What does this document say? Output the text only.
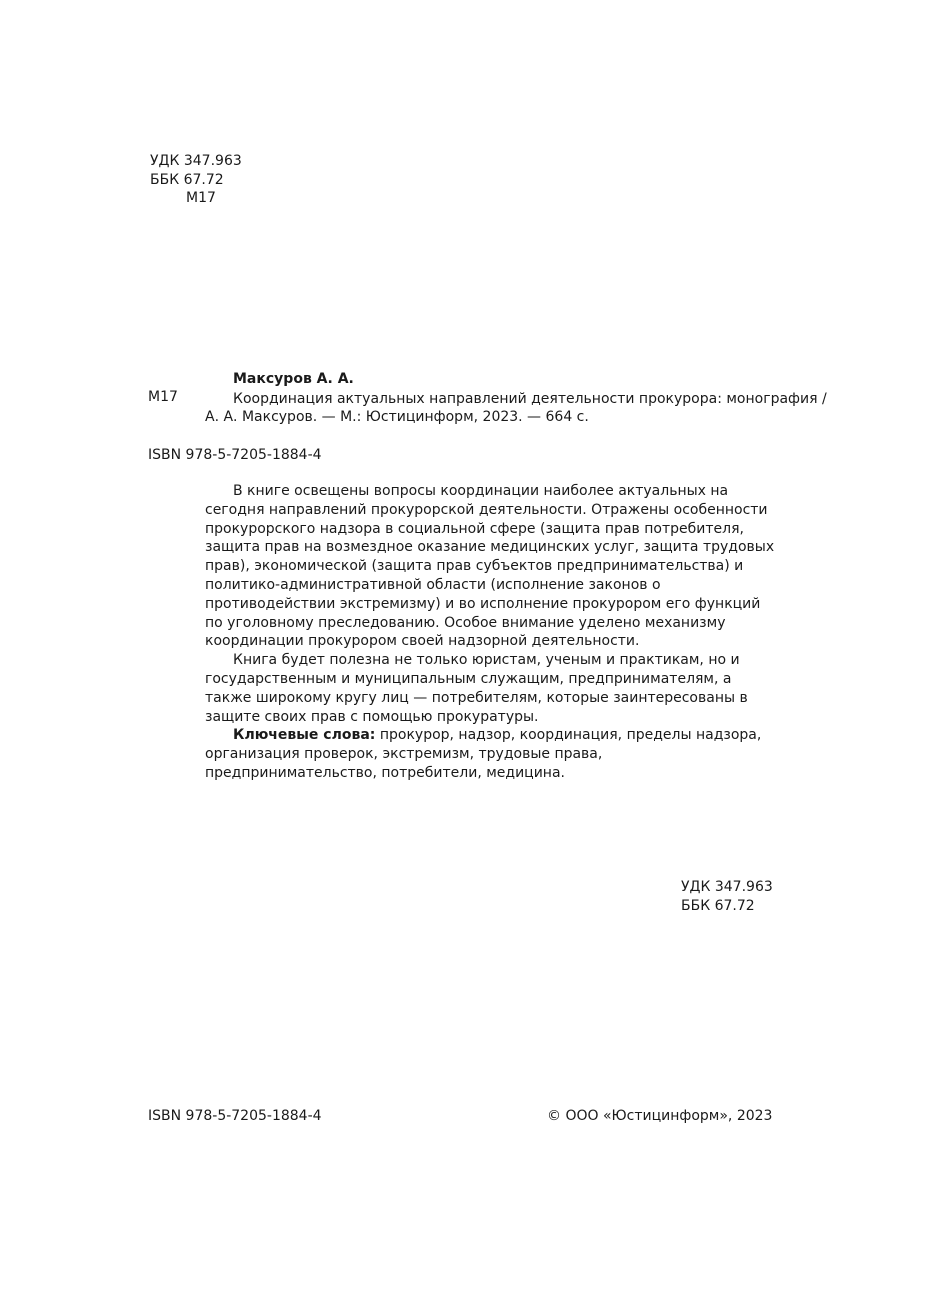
УДК 347.963
ББК 67.72
М17
Максуров А. А.
М17	Координация актуальных направлений деятельности прокурора: монография /
А. А. Максуров. — М.: Юстицинформ, 2023. — 664 с.
ISBN 978-5-7205-1884-4

В книге освещены вопросы координации наиболее актуальных на сегодня направлений прокурорской деятельности. Отражены особенности прокурорского надзора в социальной сфере (защита прав потребителя, защита прав на возмездное оказание медицинских услуг, защита трудовых прав), экономической (защита прав субъектов предпринимательства) и политико-административной области (исполнение законов о противодействии экстремизму) и во исполнение прокурором его функций по уголовному преследованию. Особое внимание уделено механизму координации прокурором своей надзорной деятельности.

Книга будет полезна не только юристам, ученым и практикам, но и государственным и муниципальным служащим, предпринимателям, а также широкому кругу лиц — потребителям, которые заинтересованы в защите своих прав с помощью прокуратуры.

Ключевые слова: прокурор, надзор, координация, пределы надзора, организация проверок, экстремизм, трудовые права, предпринимательство, потребители, медицина.

УДК 347.963
ББК 67.72
ISBN 978-5-7205-1884-4	© ООО «Юстицинформ», 2023
